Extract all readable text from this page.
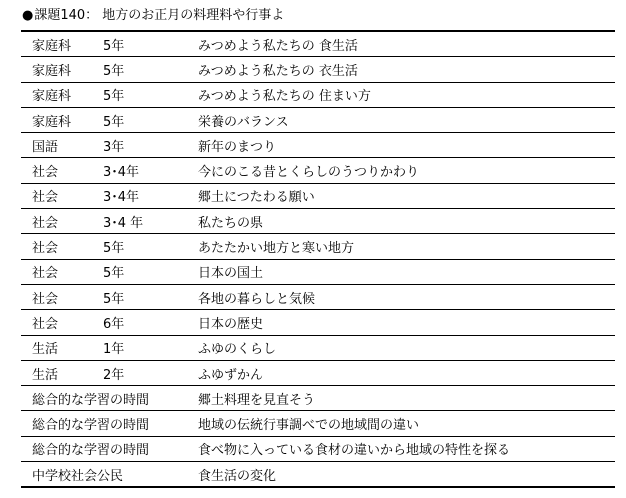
●課題140： 地方のお正月の料理料や行事よ
家庭科	5年	みつめよう私たちの 食生活
家庭科	5年	みつめよう私たちの 衣生活
家庭科	5年	みつめよう私たちの 住まい方
家庭科	5年	栄養のバランス
国語	3年	新年のまつり
社会	3･4年	今にのこる昔とくらしのうつりかわり
社会	3･4年	郷土につたわる願い
社会	3･4 年	私たちの県
社会	5年	あたたかい地方と寒い地方
社会	5年	日本の国土
社会	5年	各地の暮らしと気候
社会	6年	日本の歴史
生活	1年	ふゆのくらし
生活	2年	ふゆずかん
総合的な学習の時間		郷土料理を見直そう
総合的な学習の時間		地域の伝統行事調べでの地域間の違い
総合的な学習の時間		食べ物に入っている食材の違いから地域の特性を探る
中学校社会公民		食生活の変化
